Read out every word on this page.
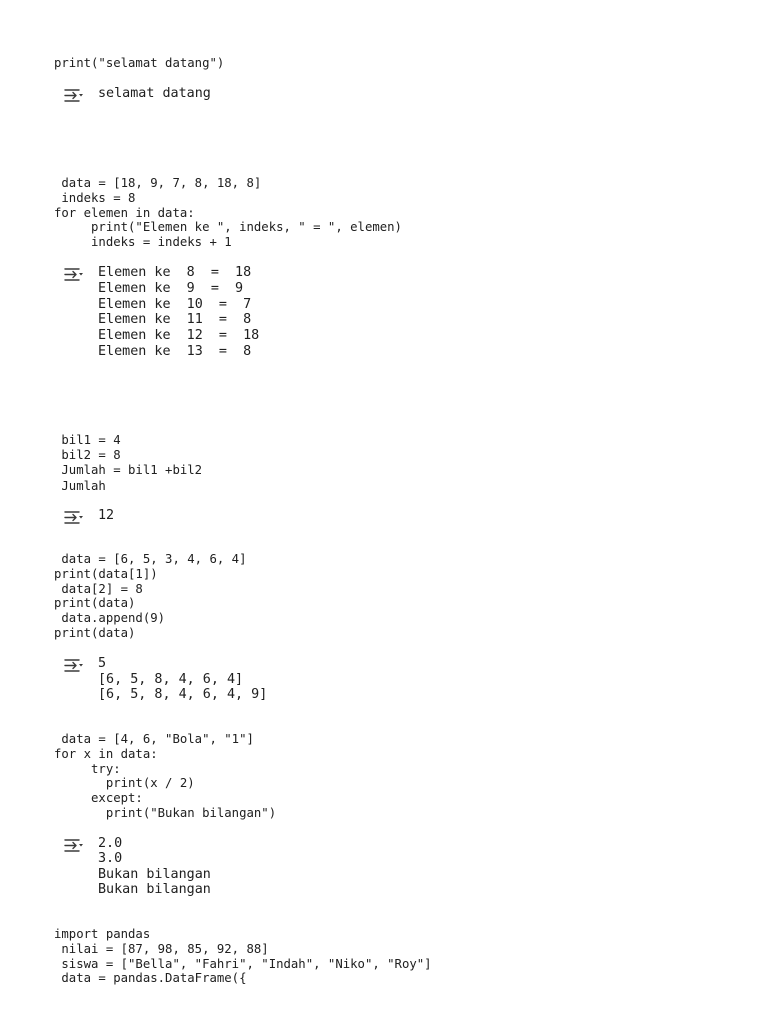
print("selamat datang")
selamat datang
data = [18, 9, 7, 8, 18, 8]
indeks = 8
for elemen in data:
print("Elemen ke ", indeks, " = ", elemen)
indeks = indeks + 1
Elemen ke  8  =  18
Elemen ke  9  =  9
Elemen ke  10  =  7
Elemen ke  11  =  8
Elemen ke  12  =  18
Elemen ke  13  =  8
bil1 = 4
bil2 = 8
Jumlah = bil1 +bil2
Jumlah
12
data = [6, 5, 3, 4, 6, 4]
print(data[1])
data[2] = 8
print(data)
data.append(9)
print(data)
5
[6, 5, 8, 4, 6, 4]
[6, 5, 8, 4, 6, 4, 9]
data = [4, 6, "Bola", "1"]
for x in data:
try:
print(x / 2)
except:
print("Bukan bilangan")
2.0
3.0
Bukan bilangan
Bukan bilangan
import pandas
nilai = [87, 98, 85, 92, 88]
siswa = ["Bella", "Fahri", "Indah", "Niko", "Roy"]
data = pandas.DataFrame({
